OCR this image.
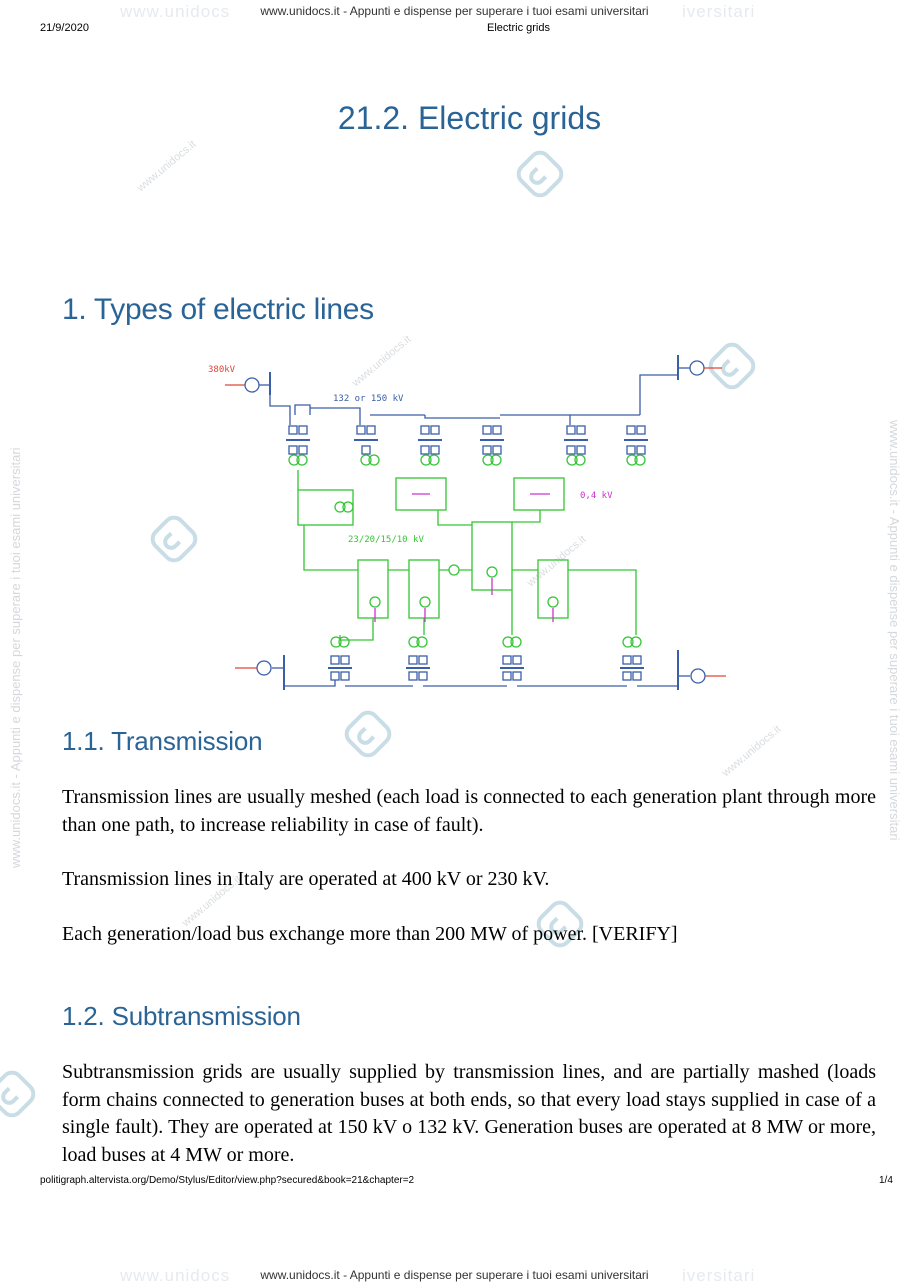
www.unidocs	iversitari
www.unidocs	iversitari
www.unidocs.it - Appunti e dispense per superare i tuoi esami universitari
www.unidocs.it - Appunti e dispense per superare i tuoi esami universitari
www.unidocs.it - Appunti e dispense per superare i tuoi esami universitari	www.unidocs.it - Appunti e dispense per superare i tuoi esami universitari
www.unidocs.it
www.unidocs.it
www.unidocs.it
www.unidocs.it
www.unidocs.it
21/9/2020	Electric grids
21.2. Electric grids
1. Types of electric lines
380kV
132 or 150 kV
0,4 kV
23/20/15/10 kV
1.1. Transmission
Transmission lines are usually meshed (each load is connected to each generation plant through more than one path, to increase reliability in case of fault).
Transmission lines in Italy are operated at 400 kV or 230 kV.
Each generation/load bus exchange more than 200 MW of power. [VERIFY]
1.2. Subtransmission
Subtransmission grids are usually supplied by transmission lines, and are partially mashed (loads form chains connected to generation buses at both ends, so that every load stays supplied in case of a single fault). They are operated at 150 kV o 132 kV. Generation buses are operated at 8 MW or more, load buses at 4 MW or more.
politigraph.altervista.org/Demo/Stylus/Editor/view.php?secured&book=21&chapter=2	1/4
